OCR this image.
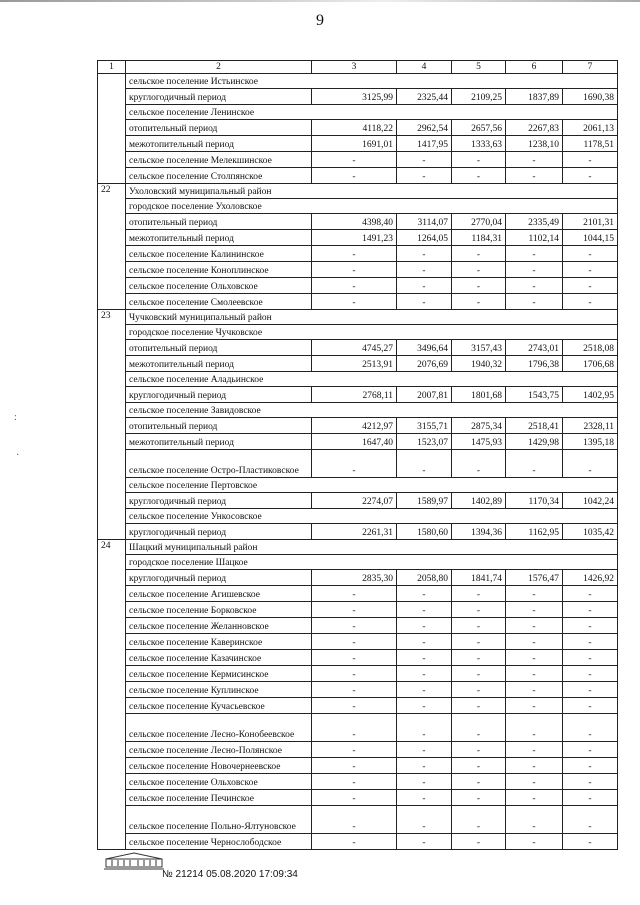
9
:
·
1	2	3	4	5	6	7
	сельское поселение Истьинское					
	круглогодичный период	3125,99	2325,44	2109,25	1837,89	1690,38
	сельское поселение Ленинское					
	отопительный период	4118,22	2962,54	2657,56	2267,83	2061,13
	межотопительный период	1691,01	1417,95	1333,63	1238,10	1178,51
	сельское поселение Мелекшинское	-	-	-	-	-
	сельское поселение Столпянское	-	-	-	-	-
22	Ухоловский муниципальный район					
	городское поселение Ухоловское					
	отопительный период	4398,40	3114,07	2770,04	2335,49	2101,31
	межотопительный период	1491,23	1264,05	1184,31	1102,14	1044,15
	сельское поселение Калининское	-	-	-	-	-
	сельское поселение Коноплинское	-	-	-	-	-
	сельское поселение Ольховское	-	-	-	-	-
	сельское поселение Смолеевское	-	-	-	-	-
23	Чучковский муниципальный район					
	городское поселение Чучковское					
	отопительный период	4745,27	3496,64	3157,43	2743,01	2518,08
	межотопительный период	2513,91	2076,69	1940,32	1796,38	1706,68
	сельское поселение Аладьинское					
	круглогодичный период	2768,11	2007,81	1801,68	1543,75	1402,95
	сельское поселение Завидовское					
	отопительный период	4212,97	3155,71	2875,34	2518,41	2328,11
	межотопительный период	1647,40	1523,07	1475,93	1429,98	1395,18
	сельское поселение Остро-Пластиковское	-	-	-	-	-
	сельское поселение Пертовское					
	круглогодичный период	2274,07	1589,97	1402,89	1170,34	1042,24
	сельское поселение Ункосовское					
	круглогодичный период	2261,31	1580,60	1394,36	1162,95	1035,42
24	Шацкий муниципальный район					
	городское поселение Шацкое					
	круглогодичный период	2835,30	2058,80	1841,74	1576,47	1426,92
	сельское поселение Агишевское	-	-	-	-	-
	сельское поселение Борковское	-	-	-	-	-
	сельское поселение Желанновское	-	-	-	-	-
	сельское поселение Каверинское	-	-	-	-	-
	сельское поселение Казачинское	-	-	-	-	-
	сельское поселение Кермисинское	-	-	-	-	-
	сельское поселение Куплинское	-	-	-	-	-
	сельское поселение Кучасьевское	-	-	-	-	-
	сельское поселение Лесно-Конобеевское	-	-	-	-	-
	сельское поселение Лесно-Полянское	-	-	-	-	-
	сельское поселение Новочернеевское	-	-	-	-	-
	сельское поселение Ольховское	-	-	-	-	-
	сельское поселение Печинское	-	-	-	-	-
	сельское поселение Польно-Ялтуновское	-	-	-	-	-
	сельское поселение Чернослободское	-	-	-	-	-
№ 21214 05.08.2020 17:09:34
